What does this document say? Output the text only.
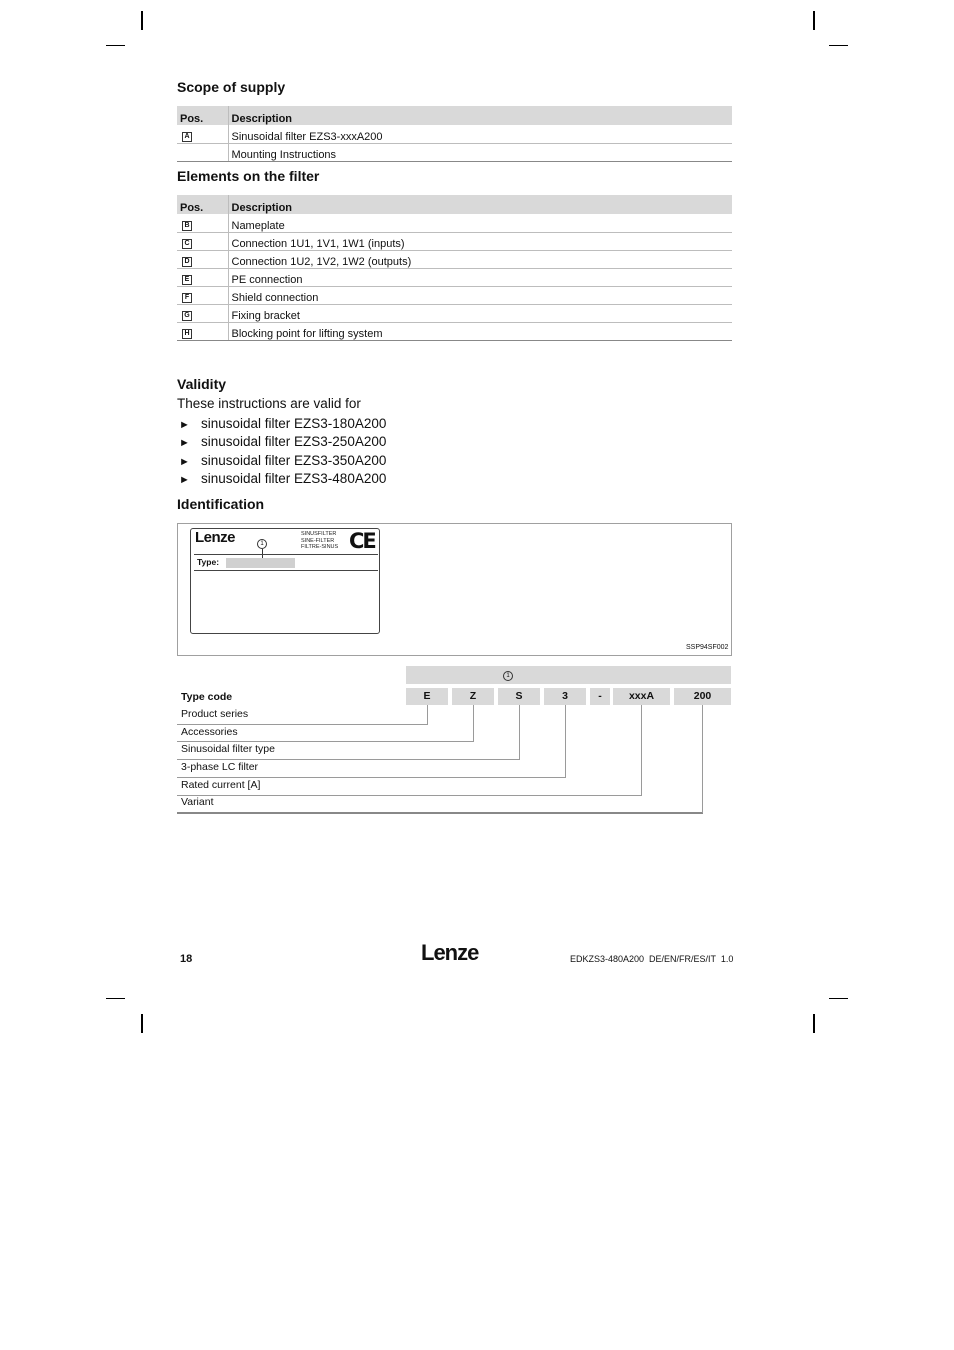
Scope of supply
Pos.	Description
A	Sinusoidal filter EZS3-xxxA200
	Mounting Instructions
Elements on the filter
Pos.	Description
B	Nameplate
C	Connection 1U1, 1V1, 1W1 (inputs)
D	Connection 1U2, 1V2, 1W2 (outputs)
E	PE connection
F	Shield connection
G	Fixing bracket
H	Blocking point for lifting system
Validity
These instructions are valid for
► sinusoidal filter EZS3-180A200
► sinusoidal filter EZS3-250A200
► sinusoidal filter EZS3-350A200
► sinusoidal filter EZS3-480A200
Identification
Lenze	1
SINUSFILTER
SINE-FILTER
FILTRE-SINUS CE
Type:
SSP94SF002
1
Type code	E	Z	S	3	-	xxxA	200
Product series
Accessories
Sinusoidal filter type
3-phase LC filter
Rated current [A]
Variant
18	Lenze	EDKZS3-480A200  DE/EN/FR/ES/IT  1.0
